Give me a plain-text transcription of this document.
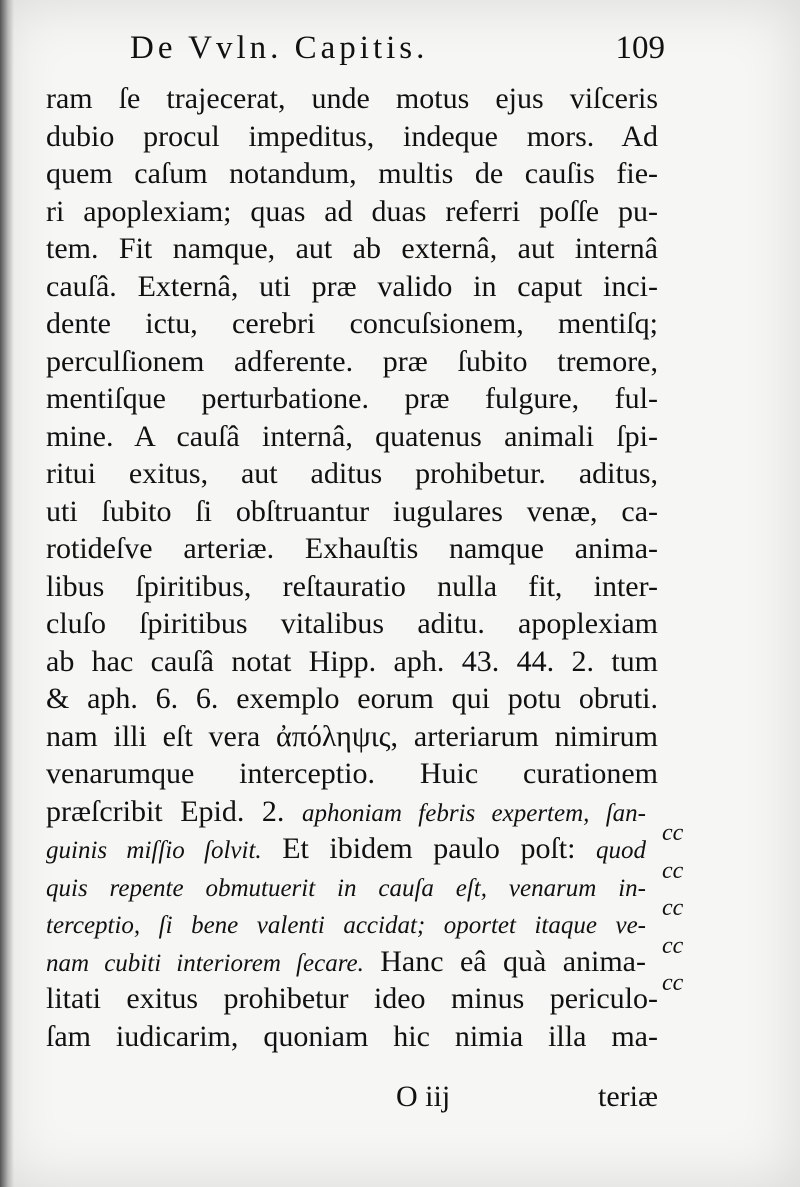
De Vvln. Capitis.	109
ram ſe trajecerat, unde motus ejus viſceris
dubio procul impeditus, indeque mors. Ad
quem caſum notandum, multis de cauſis fie-
ri apoplexiam; quas ad duas referri poſſe pu-
tem. Fit namque, aut ab externâ, aut internâ
cauſâ. Externâ, uti præ valido in caput inci-
dente ictu, cerebri concuſsionem, mentiſq;
perculſionem adferente. præ ſubito tremore,
mentiſque perturbatione. præ fulgure, ful-
mine. A cauſâ internâ, quatenus animali ſpi-
ritui exitus, aut aditus prohibetur. aditus,
uti ſubito ſi obſtruantur iugulares venæ, ca-
rotideſve arteriæ. Exhauſtis namque anima-
libus ſpiritibus, reſtauratio nulla fit, inter-
cluſo ſpiritibus vitalibus aditu. apoplexiam
ab hac cauſâ notat Hipp. aph. 43. 44. 2. tum
& aph. 6. 6. exemplo eorum qui potu obruti.
nam illi eſt vera ἀπόληψις, arteriarum nimirum
venarumque interceptio. Huic curationem
præſcribit Epid. 2. aphoniam febris expertem, ſan-
guinis miſſio ſolvit. Et ibidem paulo poſt: quod
quis repente obmutuerit in cauſa eſt, venarum in-
terceptio, ſi bene valenti accidat; oportet itaque ve-
nam cubiti interiorem ſecare. Hanc eâ quà anima-
litati exitus prohibetur ideo minus periculo-
ſam iudicarim, quoniam hic nimia illa ma-
cc
cc
cc
cc
cc
O iij	teriæ
